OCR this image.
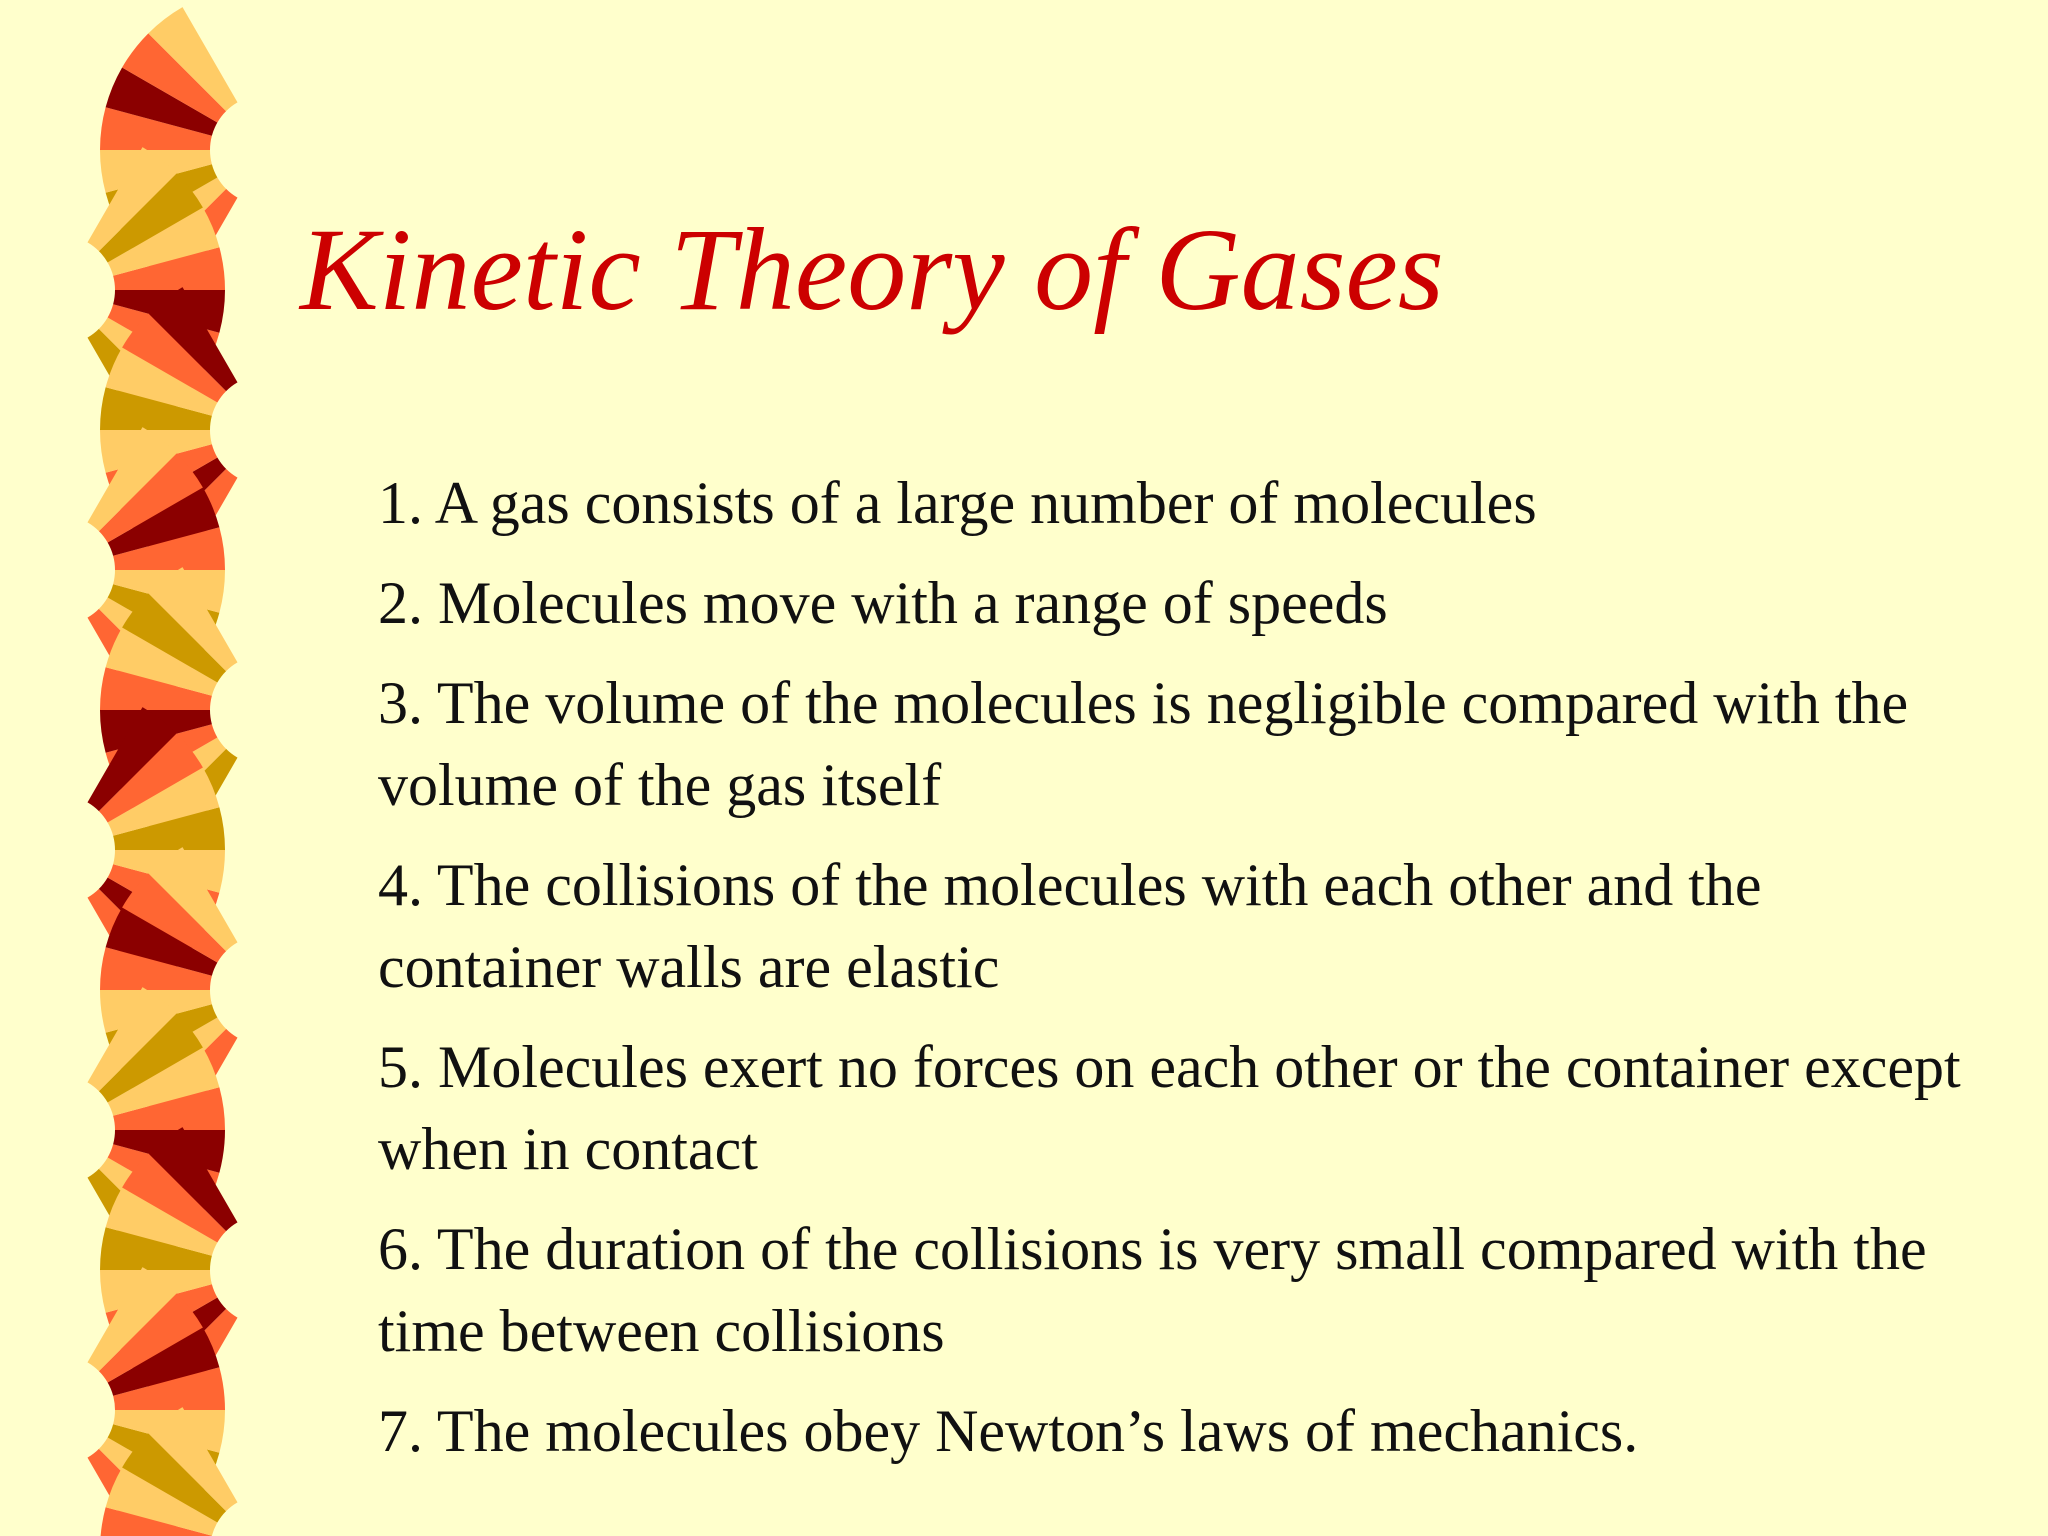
Kinetic Theory of Gases
1. A gas consists of a large number of molecules
2. Molecules move with a range of speeds
3. The volume of the molecules is negligible compared with the volume of the gas itself
4. The collisions of the molecules with each other and the container walls are elastic
5. Molecules exert no forces on each other or the container except when in contact
6. The duration of the collisions is very small compared with the time between collisions
7. The molecules obey Newton’s laws of mechanics.
